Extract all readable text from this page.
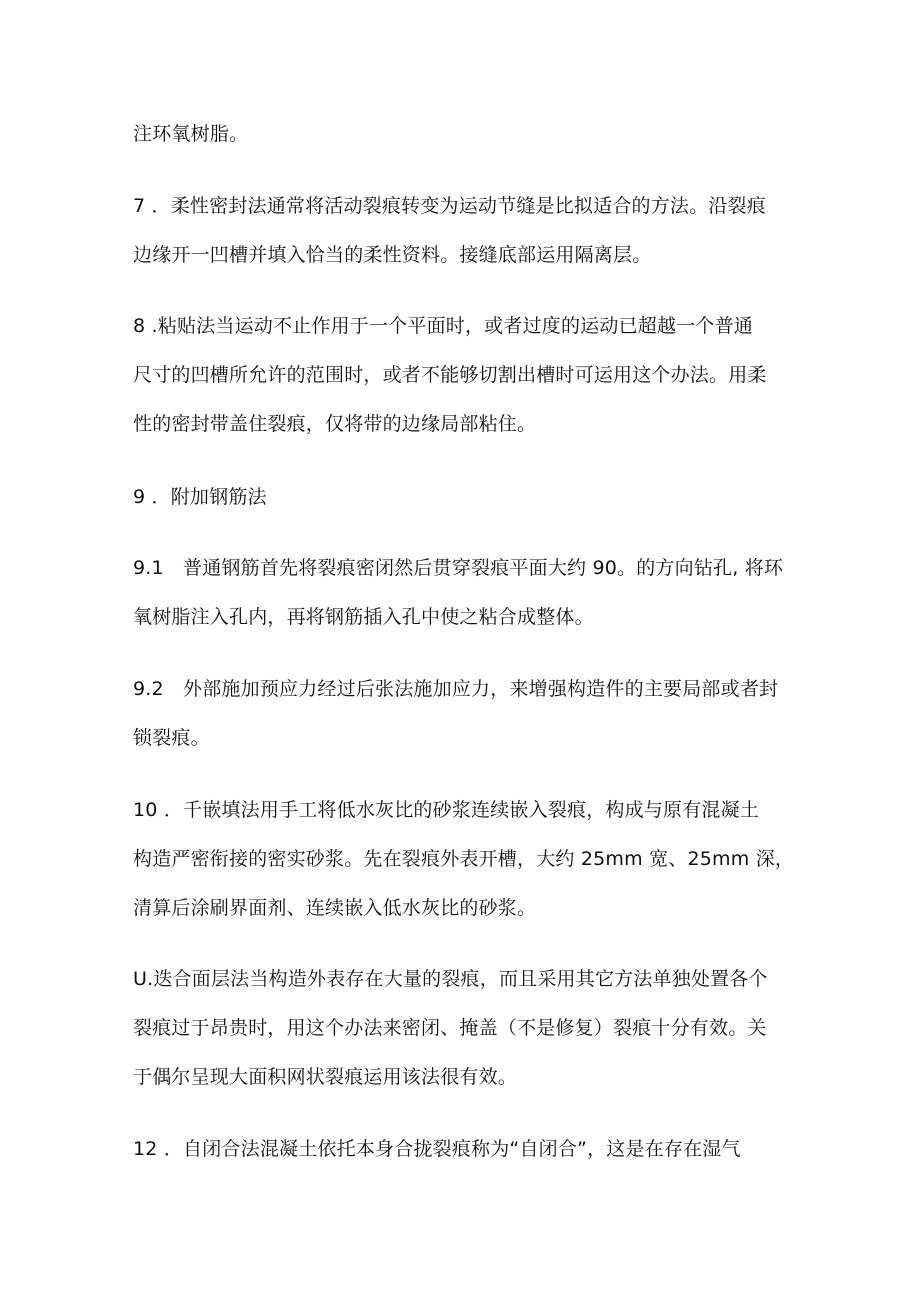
注环氧树脂。
7 ．柔性密封法通常将活动裂痕转变为运动节缝是比拟适合的方法。沿裂痕
边缘开一凹槽并填入恰当的柔性资料。接缝底部运用隔离层。
8 .粘贴法当运动不止作用于一个平面时，或者过度的运动已超越一个普通
尺寸的凹槽所允许的范围时，或者不能够切割出槽时可运用这个办法。用柔
性的密封带盖住裂痕，仅将带的边缘局部粘住。
9 ．附加钢筋法
9.1　普通钢筋首先将裂痕密闭然后贯穿裂痕平面大约 90。的方向钻孔, 将环
氧树脂注入孔内，再将钢筋插入孔中使之粘合成整体。
9.2　外部施加预应力经过后张法施加应力，来增强构造件的主要局部或者封
锁裂痕。
10 ．千嵌填法用手工将低水灰比的砂浆连续嵌入裂痕，构成与原有混凝土
构造严密衔接的密实砂浆。先在裂痕外表开槽，大约 25mm 宽、25mm 深，
清算后涂刷界面剂、连续嵌入低水灰比的砂浆。
U.迭合面层法当构造外表存在大量的裂痕，而且采用其它方法单独处置各个
裂痕过于昂贵时，用这个办法来密闭、掩盖（不是修复）裂痕十分有效。关
于偶尔呈现大面积网状裂痕运用该法很有效。
12 ．自闭合法混凝土依托本身合拢裂痕称为“自闭合”，这是在存在湿气
